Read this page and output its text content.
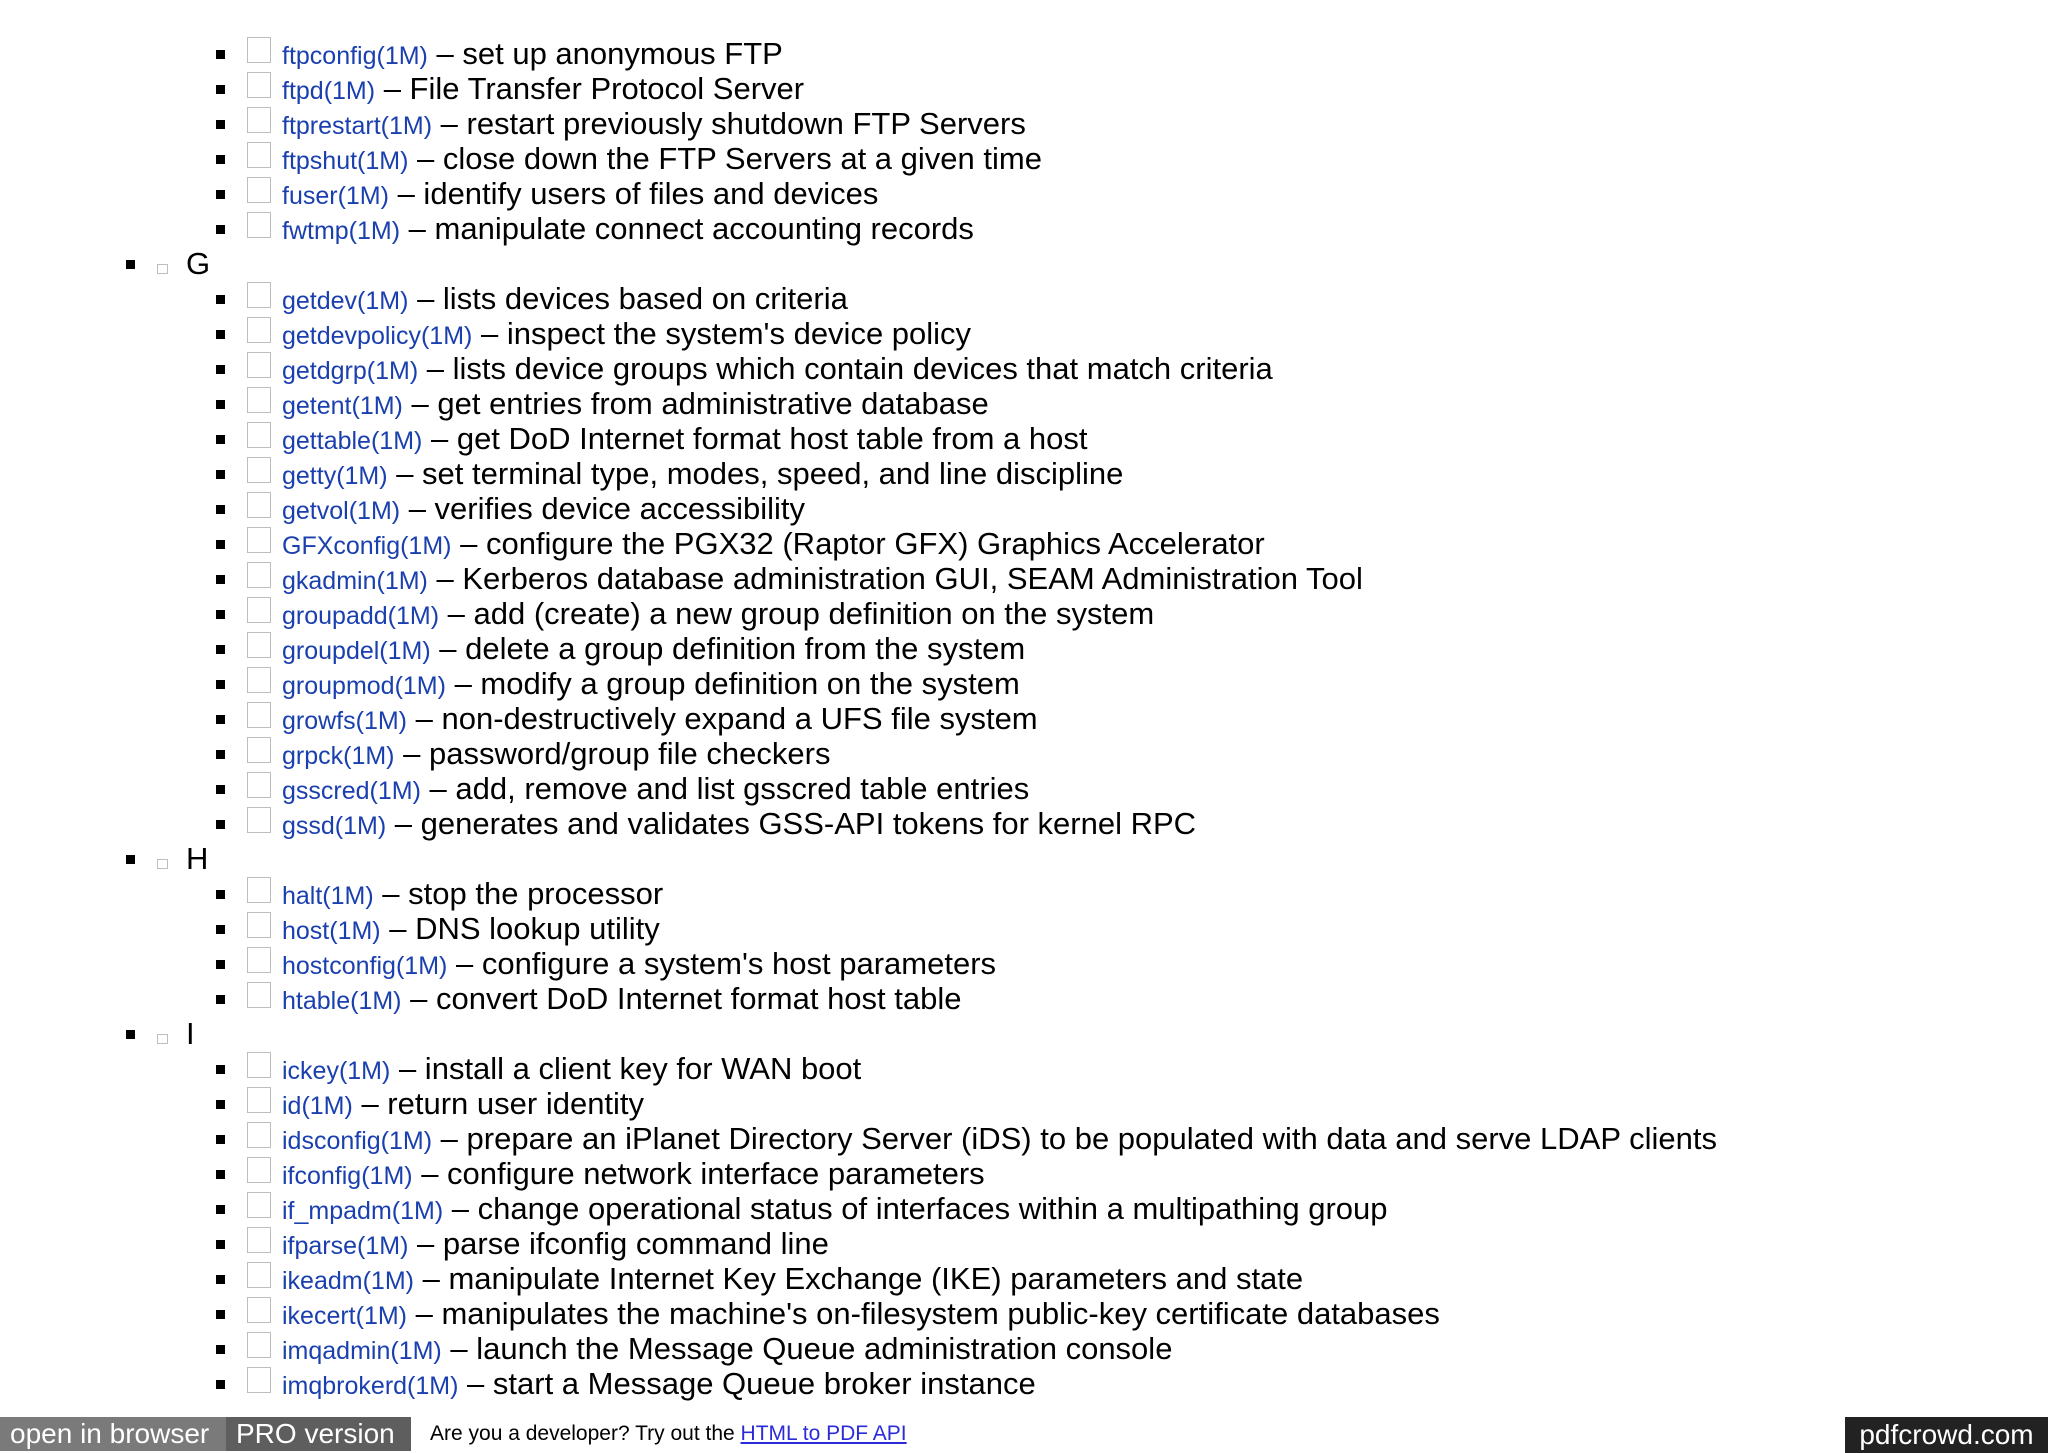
ftpconfig(1M) – set up anonymous FTP
ftpd(1M) – File Transfer Protocol Server
ftprestart(1M) – restart previously shutdown FTP Servers
ftpshut(1M) – close down the FTP Servers at a given time
fuser(1M) – identify users of files and devices
fwtmp(1M) – manipulate connect accounting records
G
getdev(1M) – lists devices based on criteria
getdevpolicy(1M) – inspect the system's device policy
getdgrp(1M) – lists device groups which contain devices that match criteria
getent(1M) – get entries from administrative database
gettable(1M) – get DoD Internet format host table from a host
getty(1M) – set terminal type, modes, speed, and line discipline
getvol(1M) – verifies device accessibility
GFXconfig(1M) – configure the PGX32 (Raptor GFX) Graphics Accelerator
gkadmin(1M) – Kerberos database administration GUI, SEAM Administration Tool
groupadd(1M) – add (create) a new group definition on the system
groupdel(1M) – delete a group definition from the system
groupmod(1M) – modify a group definition on the system
growfs(1M) – non-destructively expand a UFS file system
grpck(1M) – password/group file checkers
gsscred(1M) – add, remove and list gsscred table entries
gssd(1M) – generates and validates GSS-API tokens for kernel RPC
H
halt(1M) – stop the processor
host(1M) – DNS lookup utility
hostconfig(1M) – configure a system's host parameters
htable(1M) – convert DoD Internet format host table
I
ickey(1M) – install a client key for WAN boot
id(1M) – return user identity
idsconfig(1M) – prepare an iPlanet Directory Server (iDS) to be populated with data and serve LDAP clients
ifconfig(1M) – configure network interface parameters
if_mpadm(1M) – change operational status of interfaces within a multipathing group
ifparse(1M) – parse ifconfig command line
ikeadm(1M) – manipulate Internet Key Exchange (IKE) parameters and state
ikecert(1M) – manipulates the machine's on-filesystem public-key certificate databases
imqadmin(1M) – launch the Message Queue administration console
imqbrokerd(1M) – start a Message Queue broker instance
open in browser PRO version	Are you a developer? Try out the HTML to PDF API	pdfcrowd.com
